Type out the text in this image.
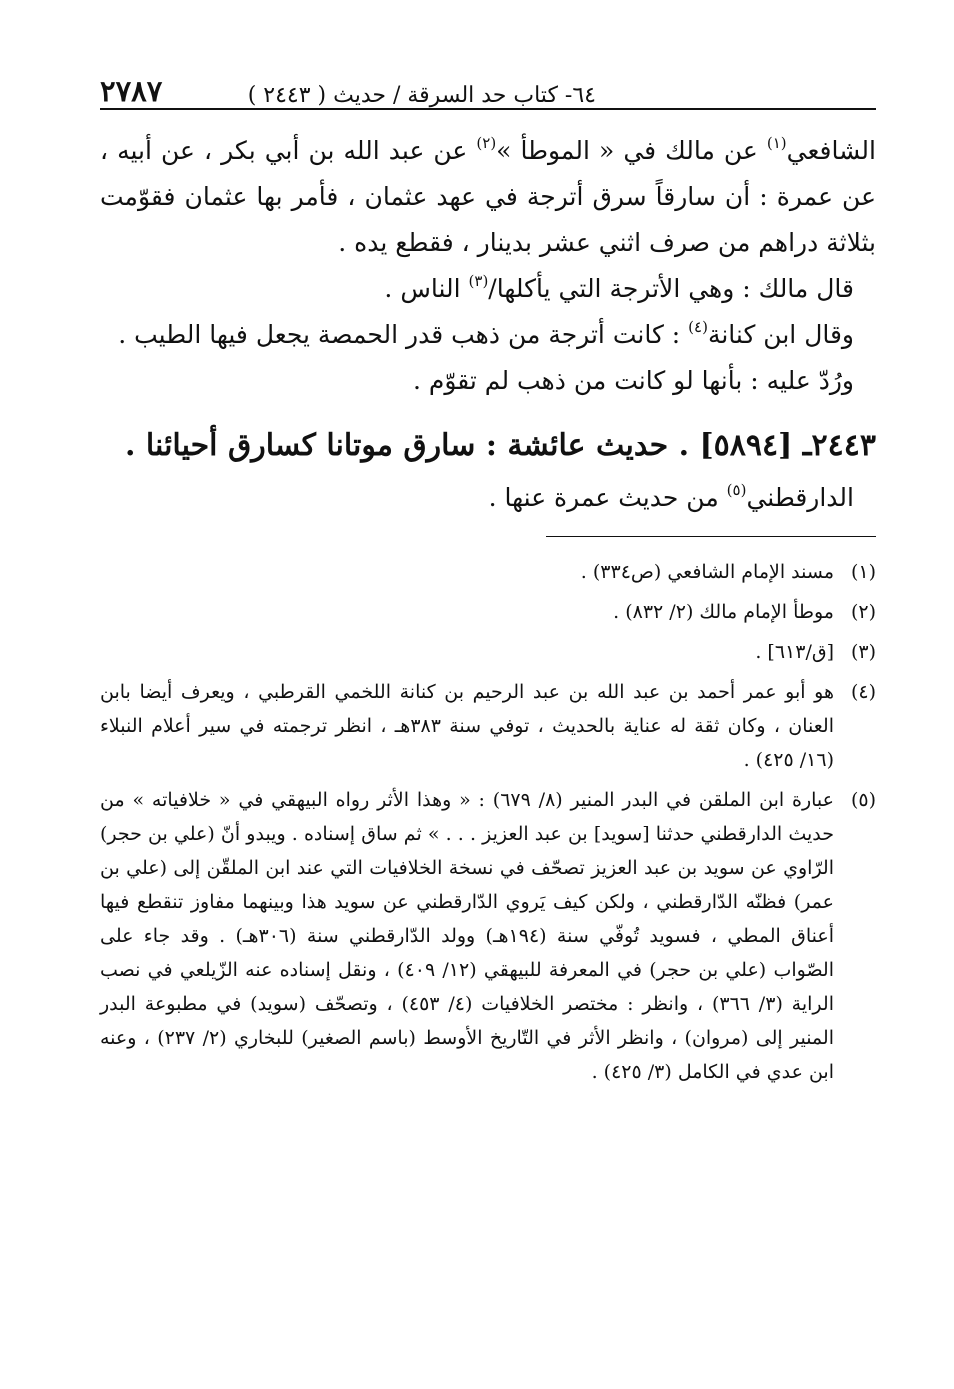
٦٤- كتاب حد السرقة / حديث ( ٢٤٤٣ )
٢٧٨٧

الشافعي$^{(١)}$ عن مالك في « الموطأ »$^{(٢)}$ عن عبد الله بن أبي بكر ، عن أبيه ، عن عمرة : أن سارقاً سرق أترجة في عهد عثمان ، فأمر بها عثمان فقوّمت بثلاثة دراهم من صرف اثني عشر بدينار ، فقطع يده .

قال مالك : وهي الأترجة التي يأكلها/$^{(٣)}$ الناس .

وقال ابن كنانة$^{(٤)}$ : كانت أترجة من ذهب قدر الحمصة يجعل فيها الطيب .

ورُدّ عليه : بأنها لو كانت من ذهب لم تقوّم .

٢٤٤٣ـ [٥٨٩٤] . حديث عائشة : سارق موتانا كسارق أحيائنا .
الدارقطني$^{(٥)}$ من حديث عمرة عنها .
(١)
مسند الإمام الشافعي (ص٣٣٤) .
(٢)
موطأ الإمام مالك (٢/ ٨٣٢) .
(٣)
[ق/٦١٣] .
(٤)
هو أبو عمر أحمد بن عبد الله بن عبد الرحيم بن كنانة اللخمي القرطبي ، ويعرف أيضا بابن العنان ، وكان ثقة له عناية بالحديث ، توفي سنة ٣٨٣هـ ، انظر ترجمته في سير أعلام النبلاء (١٦/ ٤٢٥) .
(٥)
عبارة ابن الملقن في البدر المنير (٨/ ٦٧٩) : « وهذا الأثر رواه البيهقي في « خلافياته » من حديث الدارقطني حدثنا [سويد] بن عبد العزيز . . . » ثم ساق إسناده . ويبدو أنّ (علي بن حجر) الرّاوي عن سويد بن عبد العزيز تصحّف في نسخة الخلافيات التي عند ابن الملقّن إلى (علي بن عمر) فظنّه الدّارقطني ، ولكن كيف يَروي الدّارقطني عن سويد هذا وبينهما مفاوز تنقطع فيها أعناق المطي ، فسويد تُوفّي سنة (١٩٤هـ) وولد الدّارقطني سنة (٣٠٦هـ) . وقد جاء على الصّواب (علي بن حجر) في المعرفة للبيهقي (١٢/ ٤٠٩) ، ونقل إسناده عنه الزّيلعي في نصب الراية (٣/ ٣٦٦) ، وانظر : مختصر الخلافيات (٤/ ٤٥٣) ، وتصحّف (سويد) في مطبوعة البدر المنير إلى (مروان) ، وانظر الأثر في التّاريخ الأوسط (باسم الصغير) للبخاري (٢/ ٢٣٧) ، وعنه ابن عدي في الكامل (٣/ ٤٢٥) .
